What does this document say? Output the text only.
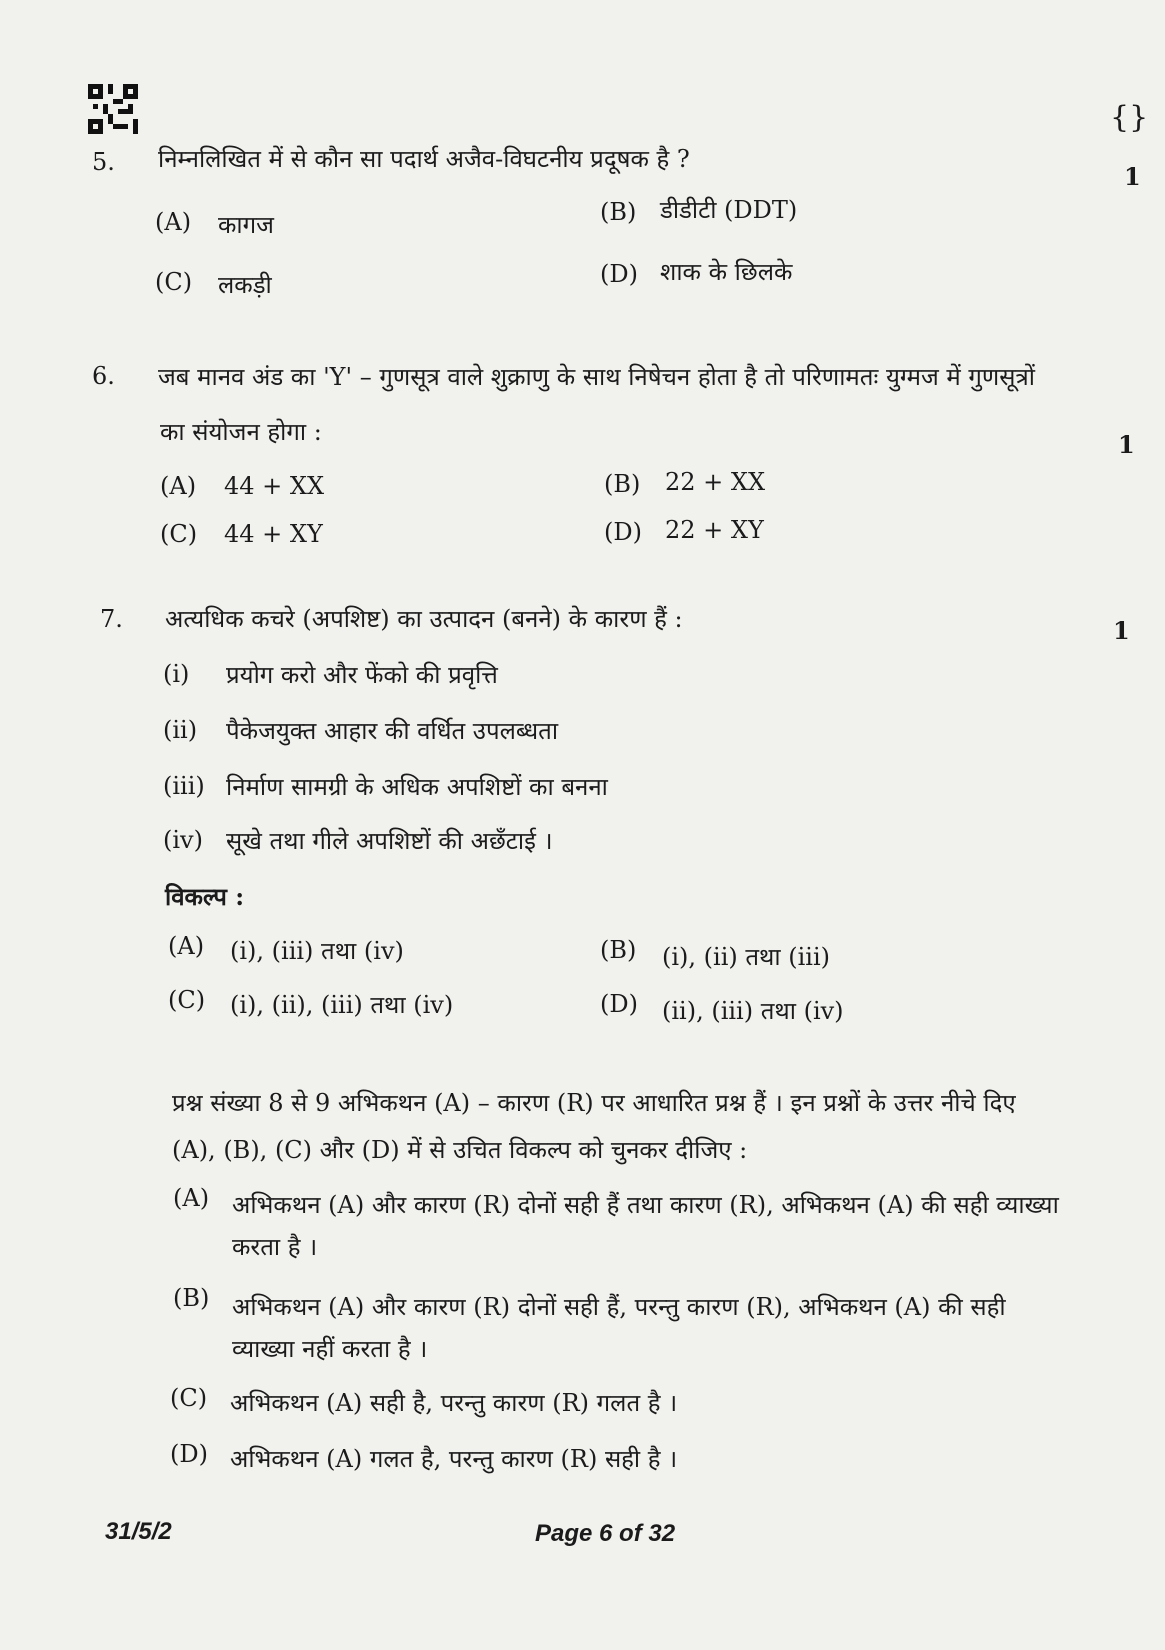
{}
5. निम्नलिखित में से कौन सा पदार्थ अजैव-विघटनीय प्रदूषक है ?
1
(A) कागज	(B) डीडीटी (DDT)
(C) लकड़ी	(D) शाक के छिलके
6. जब मानव अंड का 'Y' – गुणसूत्र वाले शुक्राणु के साथ निषेचन होता है तो परिणामतः युग्मज में गुणसूत्रों
का संयोजन होगा :	1
(A) 44 + XX	(B) 22 + XX
(C) 44 + XY	(D) 22 + XY
7. अत्यधिक कचरे (अपशिष्ट) का उत्पादन (बनने) के कारण हैं :	1
(i) प्रयोग करो और फेंको की प्रवृत्ति
(ii) पैकेजयुक्त आहार की वर्धित उपलब्धता
(iii) निर्माण सामग्री के अधिक अपशिष्टों का बनना
(iv) सूखे तथा गीले अपशिष्टों की अछँटाई ।
विकल्प :
(A) (i), (iii) तथा (iv)	(B) (i), (ii) तथा (iii)
(C) (i), (ii), (iii) तथा (iv)	(D) (ii), (iii) तथा (iv)
प्रश्न संख्या 8 से 9 अभिकथन (A) – कारण (R) पर आधारित प्रश्न हैं । इन प्रश्नों के उत्तर नीचे दिए
(A), (B), (C) और (D) में से उचित विकल्प को चुनकर दीजिए :
(A) अभिकथन (A) और कारण (R) दोनों सही हैं तथा कारण (R), अभिकथन (A) की सही व्याख्या
करता है ।
(B) अभिकथन (A) और कारण (R) दोनों सही हैं, परन्तु कारण (R), अभिकथन (A) की सही
व्याख्या नहीं करता है ।
(C) अभिकथन (A) सही है, परन्तु कारण (R) गलत है ।
(D) अभिकथन (A) गलत है, परन्तु कारण (R) सही है ।
31/5/2	Page 6 of 32
